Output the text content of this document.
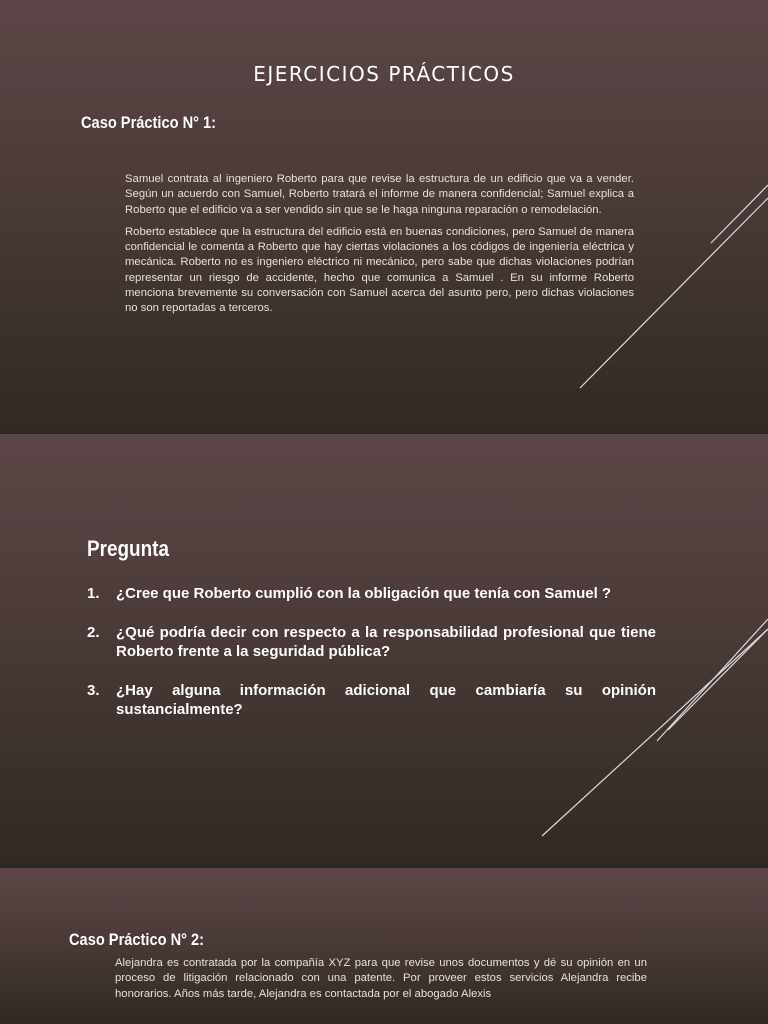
EJERCICIOS PRÁCTICOS
Caso Práctico N° 1:

Samuel contrata al ingeniero Roberto para que revise la estructura de un edificio que va a vender. Según un acuerdo con Samuel, Roberto tratará el informe de manera confidencial; Samuel explica a Roberto que el edificio va a ser vendido sin que se le haga ninguna reparación o remodelación.

Roberto establece que la estructura del edificio está en buenas condiciones, pero Samuel de manera confidencial le comenta a Roberto que hay ciertas violaciones a los códigos de ingeniería eléctrica y mecánica. Roberto no es ingeniero eléctrico ni mecánico, pero sabe que dichas violaciones podrían representar un riesgo de accidente, hecho que comunica a Samuel . En su informe Roberto menciona brevemente su conversación con Samuel acerca del asunto pero, pero dichas violaciones no son reportadas a terceros.

Pregunta
1. ¿Cree que Roberto cumplió con la obligación que tenía con Samuel ?
2. ¿Qué podría decir con respecto a la responsabilidad profesional que tiene Roberto frente a la seguridad pública?
3. ¿Hay alguna información adicional que cambiaría su opinión sustancialmente?
Caso Práctico N° 2:

Alejandra es contratada por la compañía XYZ para que revise unos documentos y dé su opinión en un proceso de litigación relacionado con una patente. Por proveer estos servicios Alejandra recibe honorarios. Años más tarde, Alejandra es contactada por el abogado Alexis
